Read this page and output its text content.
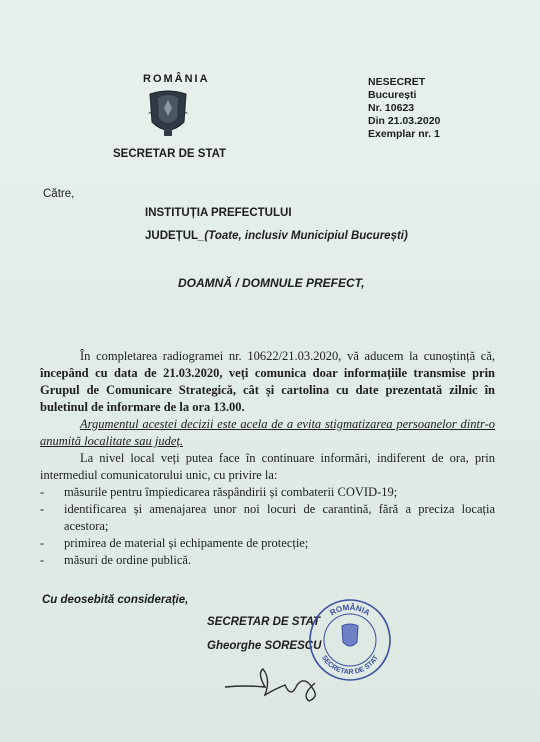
ROMÂNIA
SECRETAR DE STAT
NESECRET
București
Nr. 10623
Din 21.03.2020
Exemplar nr. 1
Către,
INSTITUȚIA PREFECTULUI
JUDEȚUL_(Toate, inclusiv Municipiul București)
DOAMNĂ / DOMNULE PREFECT,

În completarea radiogramei nr. 10622/21.03.2020, vă aducem la cunoștință că, începând cu data de 21.03.2020, veți comunica doar informațiile transmise prin Grupul de Comunicare Strategică, cât și cartolina cu date prezentată zilnic în buletinul de informare de la ora 13.00.

Argumentul acestei decizii este acela de a evita stigmatizarea persoanelor dintr-o anumită localitate sau județ.

La nivel local veți putea face în continuare informări, indiferent de ora, prin intermediul comunicatorului unic, cu privire la:

- măsurile pentru împiedicarea răspândirii și combaterii COVID-19;
- identificarea și amenajarea unor noi locuri de carantină, fără a preciza locația acestora;
- primirea de material și echipamente de protecție;
- măsuri de ordine publică.
Cu deosebită considerație,
SECRETAR DE STAT
Gheorghe SORESCU
ROMÂNIA
SECRETAR DE STAT
